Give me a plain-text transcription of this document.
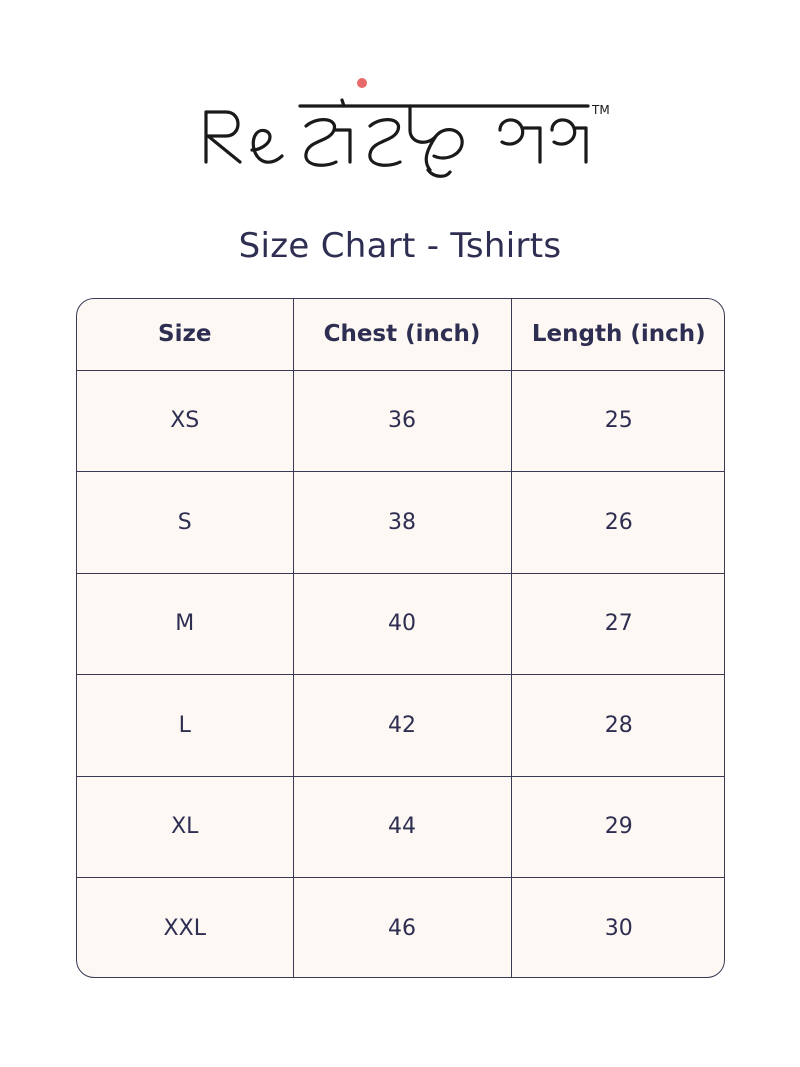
TM
Size Chart - Tshirts
Size	Chest (inch)	Length (inch)
XS	36	25
S	38	26
M	40	27
L	42	28
XL	44	29
XXL	46	30
